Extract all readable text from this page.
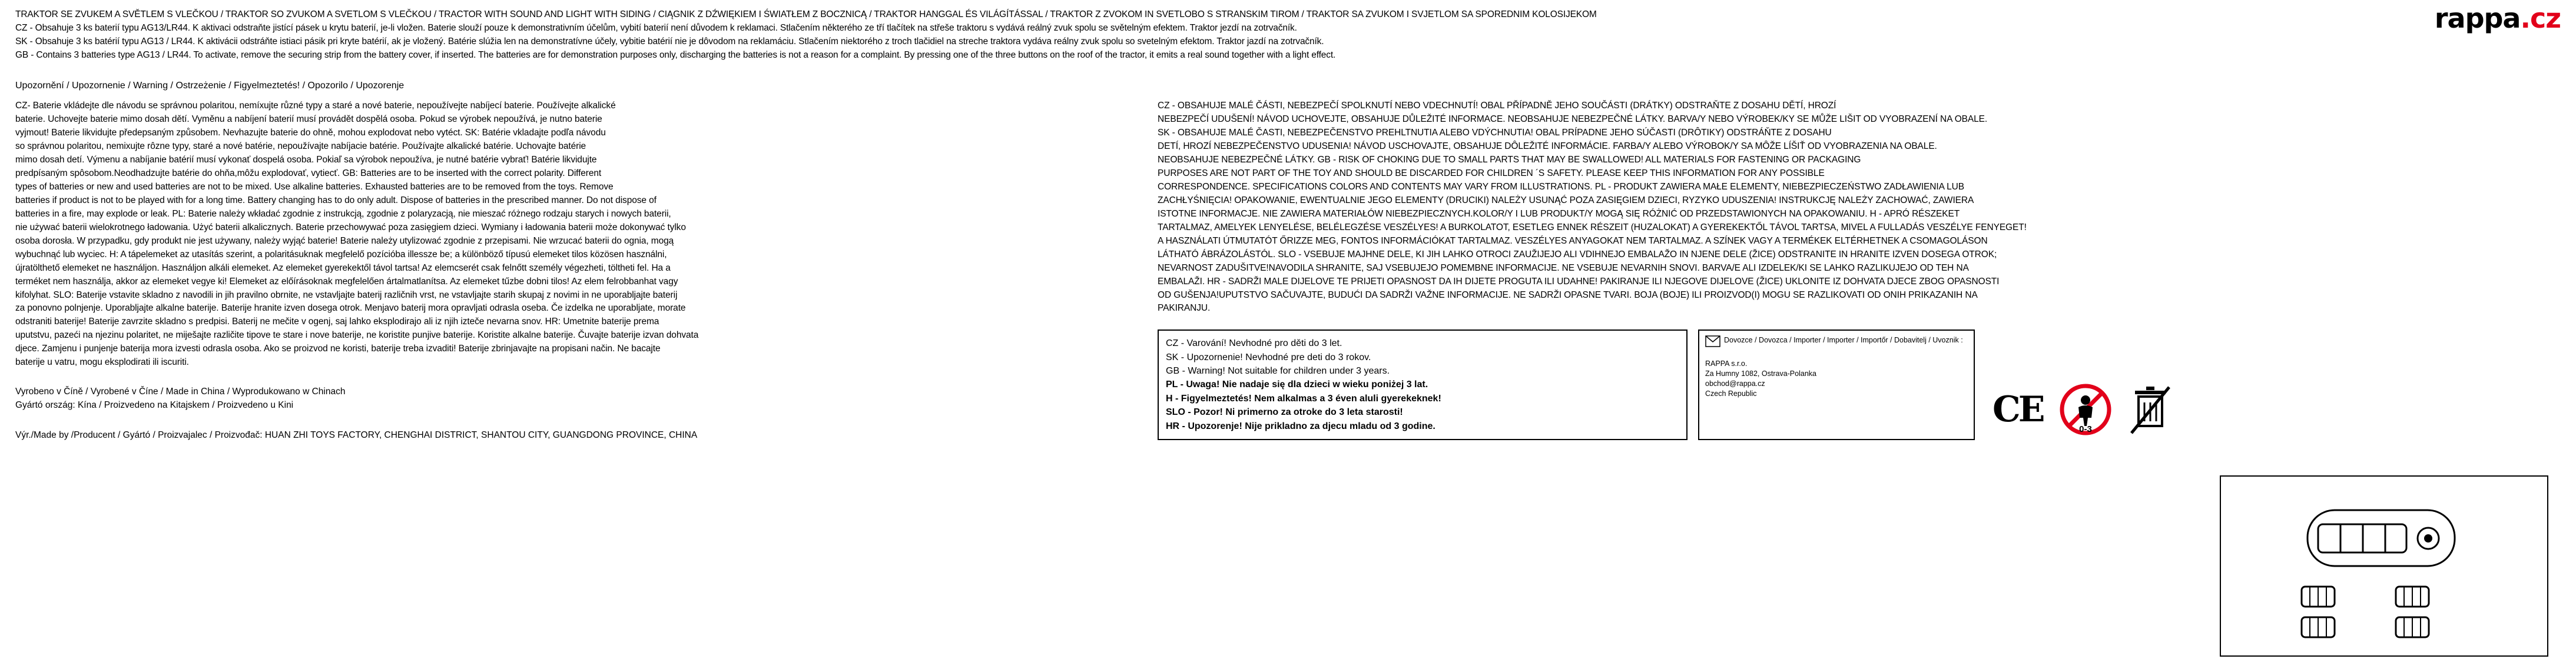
rappa.cz

TRAKTOR SE ZVUKEM A SVĚTLEM S VLEČKOU / TRAKTOR SO ZVUKOM A SVETLOM S VLEČKOU / TRACTOR WITH SOUND AND LIGHT WITH SIDING / CIĄGNIK Z DŹWIĘKIEM I ŚWIATŁEM Z BOCZNICĄ / TRAKTOR HANGGAL ÉS VILÁGÍTÁSSAL / TRAKTOR Z ZVOKOM IN SVETLOBO S STRANSKIM TIROM / TRAKTOR SA ZVUKOM I SVJETLOM SA SPOREDNIM KOLOSIJEKOM

CZ - Obsahuje 3 ks baterií typu AG13/LR44. K aktivaci odstraňte jistící pásek u krytu baterií, je-li vložen. Baterie slouží pouze k demonstrativním účelům, vybití baterií není důvodem k reklamaci. Stlačením některého ze tří tlačítek na střeše traktoru s vydává reálný zvuk spolu se světelným efektem. Traktor jezdí na zotrvačník.

SK - Obsahuje 3 ks batérií typu AG13 / LR44. K aktivácii odstráňte istiaci pásik pri kryte batérií, ak je vložený. Batérie slúžia len na demonstratívne účely, vybitie batérií nie je dôvodom na reklamáciu. Stlačením niektorého z troch tlačidiel na streche traktora vydáva reálny zvuk spolu so svetelným efektom. Traktor jazdí na zotrvačník.

GB - Contains 3 batteries type AG13 / LR44. To activate, remove the securing strip from the battery cover, if inserted. The batteries are for demonstration purposes only, discharging the batteries is not a reason for a complaint. By pressing one of the three buttons on the roof of the tractor, it emits a real sound together with a light effect.

Upozornění / Upozornenie / Warning / Ostrzeżenie / Figyelmeztetés! / Opozorilo / Upozorenje

CZ- Baterie vkládejte dle návodu se správnou polaritou, nemíxujte různé typy a staré a nové baterie, nepoužívejte nabíjecí baterie. Používejte alkalické

baterie. Uchovejte baterie mimo dosah dětí. Vyměnu a nabíjení baterií musí provádět dospělá osoba. Pokud se výrobek nepoužívá, je nutno baterie

vyjmout! Baterie likvidujte předepsaným způsobem. Nevhazujte baterie do ohně, mohou explodovat nebo vytéct. SK: Batérie vkladajte podľa návodu

so správnou polaritou, nemixujte rôzne typy, staré a nové batérie, nepoužívajte nabíjacie batérie. Používajte alkalické batérie. Uchovajte batérie

mimo dosah detí. Výmenu a nabíjanie batérií musí vykonať dospelá osoba. Pokiaľ sa výrobok nepoužíva, je nutné batérie vybrať! Batérie likvidujte

predpísaným spôsobom.Neodhadzujte batérie do ohňa,môžu explodovať, vytiecť. GB: Batteries are to be inserted with the correct polarity. Different

types of batteries or new and used batteries are not to be mixed. Use alkaline batteries. Exhausted batteries are to be removed from the toys. Remove

batteries if product is not to be played with for a long time. Battery changing has to do only adult. Dispose of batteries in the prescribed manner. Do not dispose of

batteries in a fire, may explode or leak. PL: Baterie należy wkładać zgodnie z instrukcją, zgodnie z polaryzacją, nie mieszać różnego rodzaju starych i nowych baterii,

nie używać baterii wielokrotnego ładowania. Użyć baterii alkalicznych. Baterie przechowywać poza zasięgiem dzieci. Wymiany i ładowania baterii może dokonywać tylko

osoba dorosła. W przypadku, gdy produkt nie jest używany, należy wyjąć baterie! Baterie należy utylizować zgodnie z przepisami. Nie wrzucać baterii do ognia, mogą

wybuchnąć lub wyciec. H: A tápelemeket az utasítás szerint, a polaritásuknak megfelelő pozícióba illessze be; a különböző típusú elemeket tilos közösen használni,

újratölthető elemeket ne használjon. Használjon alkáli elemeket. Az elemeket gyerekektől távol tartsa! Az elemcserét csak felnőtt személy végezheti, töltheti fel. Ha a

terméket nem használja, akkor az elemeket vegye ki! Elemeket az előírásoknak megfelelően ártalmatlanítsa. Az elemeket tűzbe dobni tilos! Az elem felrobbanhat vagy

kifolyhat. SLO: Baterije vstavite skladno z navodili in jih pravilno obrnite, ne vstavljajte baterij različnih vrst, ne vstavljajte starih skupaj z novimi in ne uporabljajte baterij

za ponovno polnjenje. Uporabljajte alkalne baterije. Baterije hranite izven dosega otrok. Menjavo baterij mora opravljati odrasla oseba. Če izdelka ne uporabljate, morate

odstraniti baterije! Baterije zavrzite skladno s predpisi. Baterij ne mečite v ogenj, saj lahko eksplodirajo ali iz njih izteče nevarna snov. HR: Umetnite baterije prema

uputstvu, pazeći na njezinu polaritet, ne miješajte različite tipove te stare i nove baterije, ne koristite punjive baterije. Koristite alkalne baterije. Čuvajte baterije izvan dohvata

djece. Zamjenu i punjenje baterija mora izvesti odrasla osoba. Ako se proizvod ne koristi, baterije treba izvaditi! Baterije zbrinjavajte na propisani način. Ne bacajte

baterije u vatru, mogu eksplodirati ili iscuriti.

Vyrobeno v Číně / Vyrobené v Číne / Made in China / Wyprodukowano w Chinach

Gyártó ország: Kína / Proizvedeno na Kitajskem / Proizvedeno u Kini

Výr./Made by /Producent / Gyártó / Proizvajalec / Proizvođač: HUAN ZHI TOYS FACTORY, CHENGHAI DISTRICT, SHANTOU CITY, GUANGDONG PROVINCE, CHINA

CZ - OBSAHUJE MALÉ ČÁSTI, NEBEZPEČÍ SPOLKNUTÍ NEBO VDECHNUTÍ! OBAL PŘÍPADNĚ JEHO SOUČÁSTI (DRÁTKY) ODSTRAŇTE Z DOSAHU DĚTÍ, HROZÍ

NEBEZPEČÍ UDUŠENÍ! NÁVOD UCHOVEJTE, OBSAHUJE DŮLEŽITÉ INFORMACE. NEOBSAHUJE NEBEZPEČNÉ LÁTKY. BARVA/Y NEBO VÝROBEK/KY SE MŮŽE LIŠIT OD VYOBRAZENÍ NA OBALE.

SK - OBSAHUJE MALÉ ČASTI, NEBEZPEČENSTVO PREHLTNUTIA ALEBO VDÝCHNUTIA! OBAL PRÍPADNE JEHO SÚČASTI (DRÔTIKY) ODSTRÁŇTE Z DOSAHU

DETÍ, HROZÍ NEBEZPEČENSTVO UDUSENIA! NÁVOD USCHOVAJTE, OBSAHUJE DÔLEŽITÉ INFORMÁCIE. FARBA/Y ALEBO VÝROBOK/Y SA MÔŽE LÍŠIŤ OD VYOBRAZENIA NA OBALE.

NEOBSAHUJE NEBEZPEČNÉ LÁTKY. GB - RISK OF CHOKING DUE TO SMALL PARTS THAT MAY BE SWALLOWED! ALL MATERIALS FOR FASTENING OR PACKAGING

PURPOSES ARE NOT PART OF THE TOY AND SHOULD BE DISCARDED FOR CHILDREN ´S SAFETY. PLEASE KEEP THIS INFORMATION FOR ANY POSSIBLE

CORRESPONDENCE. SPECIFICATIONS COLORS AND CONTENTS MAY VARY FROM ILLUSTRATIONS. PL - PRODUKT ZAWIERA MAŁE ELEMENTY, NIEBEZPIECZEŃSTWO ZADŁAWIENIA LUB

ZACHŁYŚNIĘCIA! OPAKOWANIE, EWENTUALNIE JEGO ELEMENTY (DRUCIKI) NALEŻY USUNĄĆ POZA ZASIĘGIEM DZIECI, RYZYKO UDUSZENIA! INSTRUKCJĘ NALEŻY ZACHOWAĆ, ZAWIERA

ISTOTNE INFORMACJE. NIE ZAWIERA MATERIAŁÓW NIEBEZPIECZNYCH.KOLOR/Y I LUB PRODUKT/Y MOGĄ SIĘ RÓŻNIĆ OD PRZEDSTAWIONYCH NA OPAKOWANIU. H - APRÓ RÉSZEKET

TARTALMAZ, AMELYEK LENYELÉSE, BELÉLEGZÉSE VESZÉLYES! A BURKOLATOT, ESETLEG ENNEK RÉSZEIT (HUZALOKAT) A GYEREKEKTŐL TÁVOL TARTSA, MIVEL A FULLADÁS VESZÉLYE FENYEGET!

A HASZNÁLATI ÚTMUTATÓT ŐRIZZE MEG, FONTOS INFORMÁCIÓKAT TARTALMAZ. VESZÉLYES ANYAGOKAT NEM TARTALMAZ. A SZÍNEK VAGY A TERMÉKEK ELTÉRHETNEK A CSOMAGOLÁSON

LÁTHATÓ ÁBRÁZOLÁSTÓL. SLO - VSEBUJE MAJHNE DELE, KI JIH LAHKO OTROCI ZAUŽIJEJO ALI VDIHNEJO EMBALAŽO IN NJENE DELE (ŽICE) ODSTRANITE IN HRANITE IZVEN DOSEGA OTROK;

NEVARNOST ZADUŠITVE!NAVODILA SHRANITE, SAJ VSEBUJEJO POMEMBNE INFORMACIJE. NE VSEBUJE NEVARNIH SNOVI. BARVA/E ALI IZDELEK/KI SE LAHKO RAZLIKUJEJO OD TEH NA

EMBALAŽI. HR - SADRŽI MALE DIJELOVE TE PRIJETI OPASNOST DA IH DIJETE PROGUTA ILI UDAHNE! PAKIRANJE ILI NJEGOVE DIJELOVE (ŽICE) UKLONITE IZ DOHVATA DJECE ZBOG OPASNOSTI

OD GUŠENJA!UPUTSTVO SAČUVAJTE, BUDUĆI DA SADRŽI VAŽNE INFORMACIJE. NE SADRŽI OPASNE TVARI. BOJA (BOJE) ILI PROIZVOD(I) MOGU SE RAZLIKOVATI OD ONIH PRIKAZANIH NA

PAKIRANJU.

CZ - Varování! Nevhodné pro děti do 3 let.

SK - Upozornenie! Nevhodné pre deti do 3 rokov.

GB - Warning! Not suitable for children under 3 years.

PL - Uwaga! Nie nadaje się dla dzieci w wieku poniżej 3 lat.

H - Figyelmeztetés! Nem alkalmas a 3 éven aluli gyerekeknek!

SLO - Pozor! Ni primerno za otroke do 3 leta starosti!

HR - Upozorenje! Nije prikladno za djecu mladu od 3 godine.

Dovozce / Dovozca / Importer / Importer / Importőr / Dobavitelj / Uvoznik :
RAPPA s.r.o.
Za Humny 1082, Ostrava-Polanka
obchod@rappa.cz
Czech Republic	CE	0-3
